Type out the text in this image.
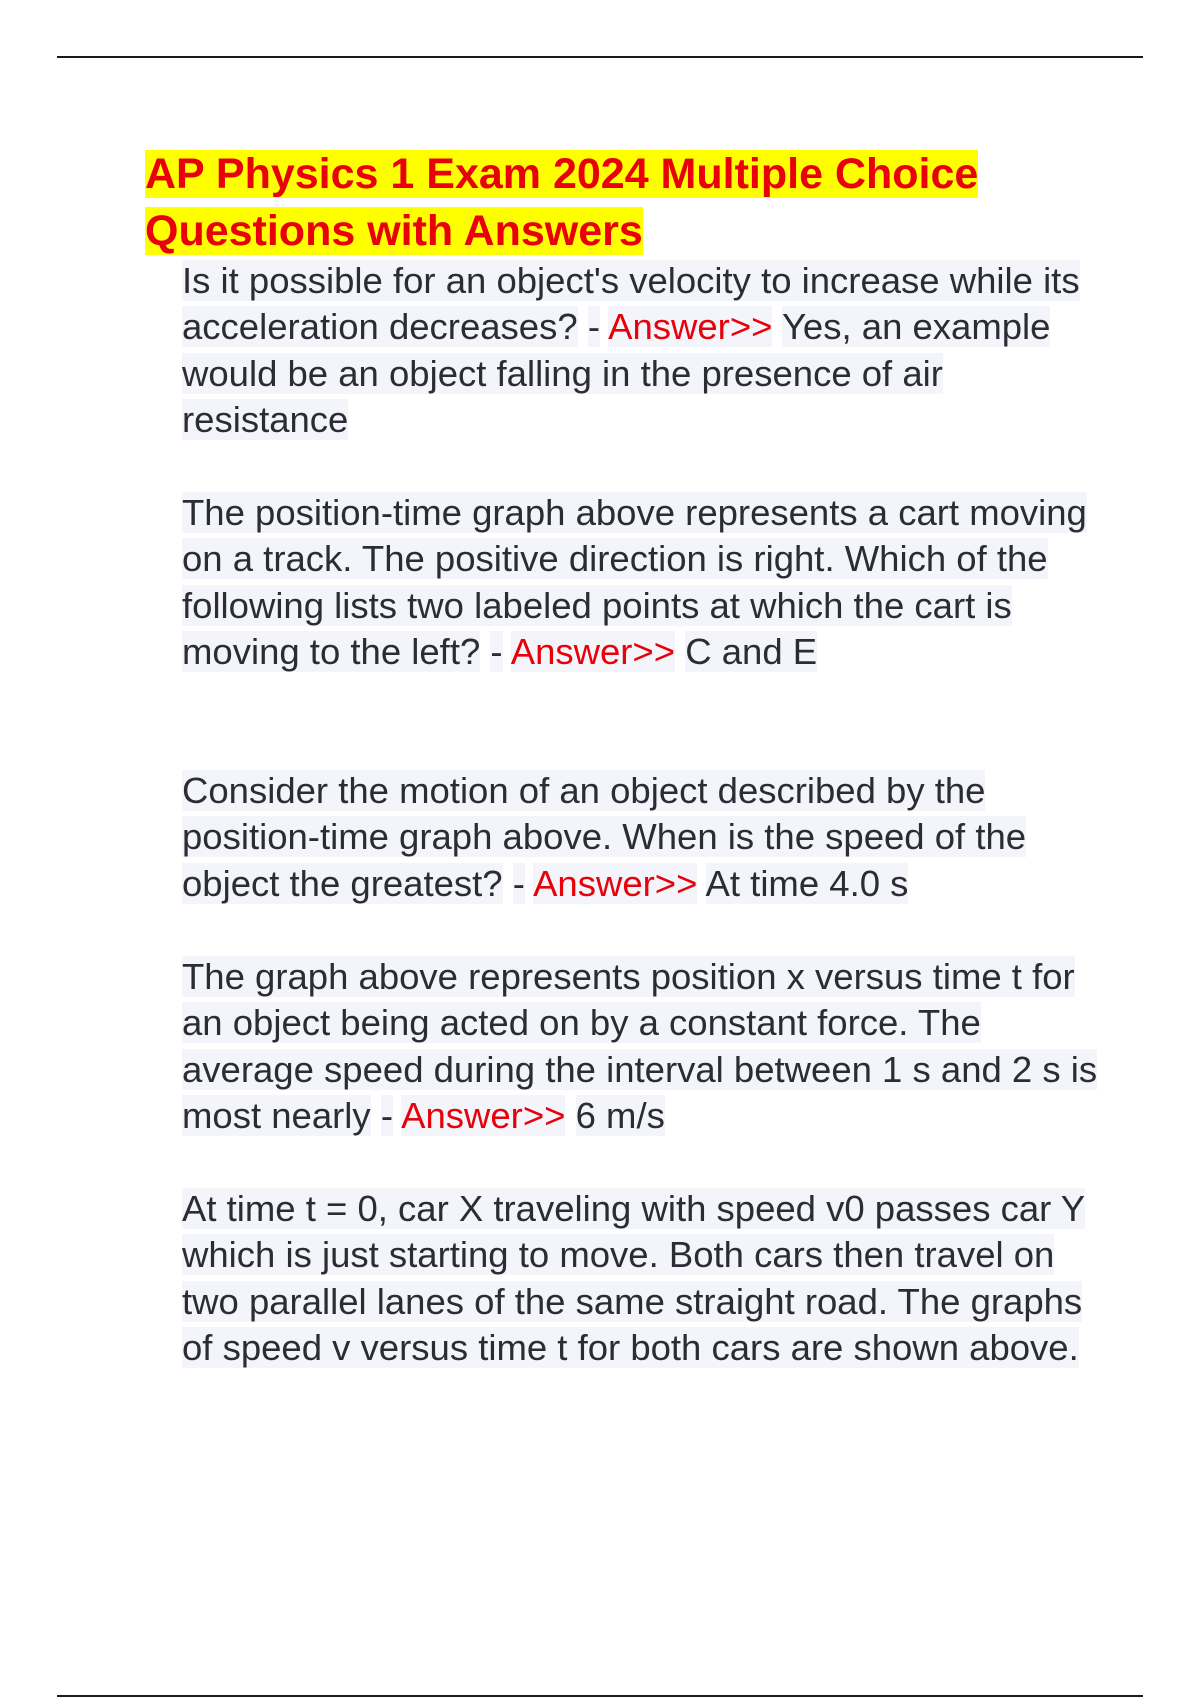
AP Physics 1 Exam 2024 Multiple Choice Questions with Answers

Is it possible for an object's velocity to increase while its acceleration decreases? - Answer>> Yes, an example would be an object falling in the presence of air resistance

The position-time graph above represents a cart moving on a track. The positive direction is right. Which of the following lists two labeled points at which the cart is moving to the left? - Answer>> C and E

Consider the motion of an object described by the position-time graph above. When is the speed of the object the greatest? - Answer>> At time 4.0 s

The graph above represents position x versus time t for an object being acted on by a constant force. The average speed during the interval between 1 s and 2 s is most nearly - Answer>> 6 m/s

At time t = 0, car X traveling with speed v0 passes car Y which is just starting to move. Both cars then travel on two parallel lanes of the same straight road. The graphs of speed v versus time t for both cars are shown above.
